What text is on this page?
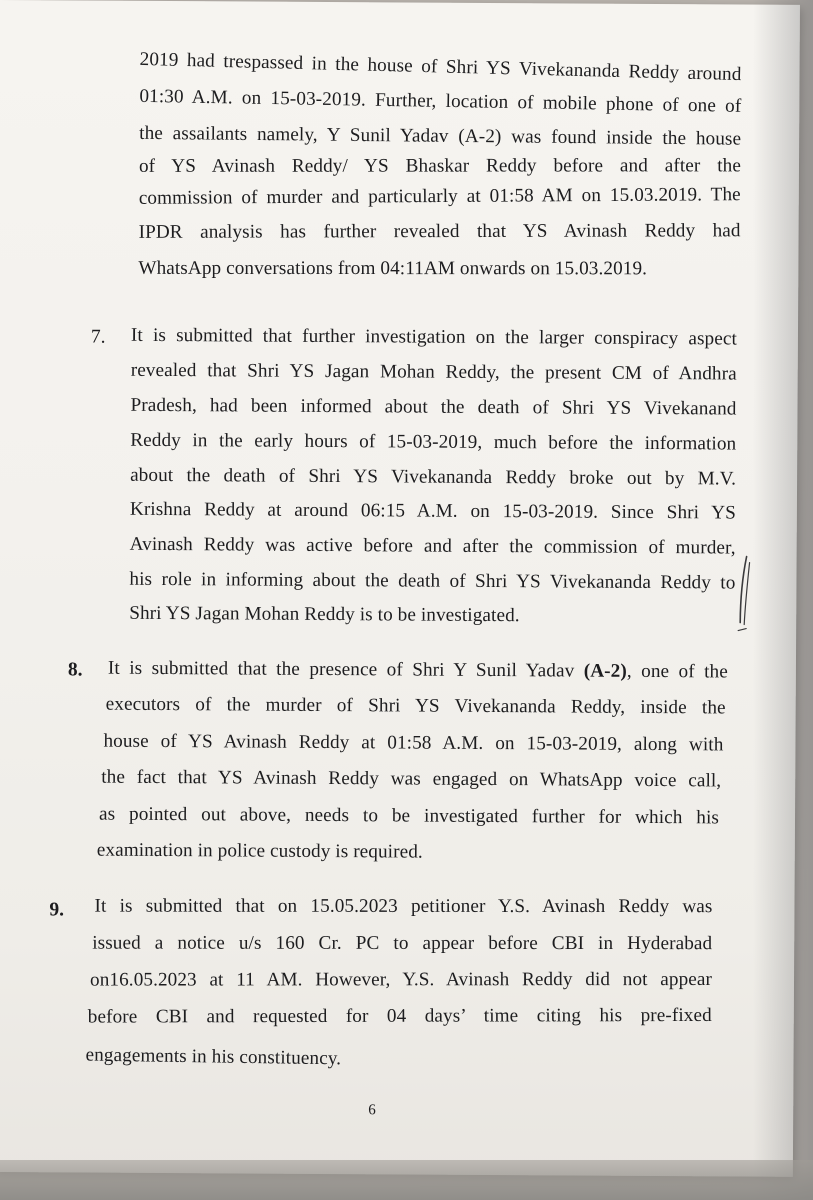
2019 had trespassed in the house of Shri YS Vivekananda Reddy around
01:30 A.M. on 15-03-2019. Further, location of mobile phone of one of
the assailants namely, Y Sunil Yadav (A-2) was found inside the house
of YS Avinash Reddy/ YS Bhaskar Reddy before and after the
commission of murder and particularly at 01:58 AM on 15.03.2019. The
IPDR analysis has further revealed that YS Avinash Reddy had
WhatsApp conversations from 04:11AM onwards on 15.03.2019.
7. It is submitted that further investigation on the larger conspiracy aspect
revealed that Shri YS Jagan Mohan Reddy, the present CM of Andhra
Pradesh, had been informed about the death of Shri YS Vivekanand
Reddy in the early hours of 15-03-2019, much before the information
about the death of Shri YS Vivekananda Reddy broke out by M.V.
Krishna Reddy at around 06:15 A.M. on 15-03-2019. Since Shri YS
Avinash Reddy was active before and after the commission of murder,
his role in informing about the death of Shri YS Vivekananda Reddy to
Shri YS Jagan Mohan Reddy is to be investigated.
8. It is submitted that the presence of Shri Y Sunil Yadav (A-2), one of the
executors of the murder of Shri YS Vivekananda Reddy, inside the
house of YS Avinash Reddy at 01:58 A.M. on 15-03-2019, along with
the fact that YS Avinash Reddy was engaged on WhatsApp voice call,
as pointed out above, needs to be investigated further for which his
examination in police custody is required.
9. It is submitted that on 15.05.2023 petitioner Y.S. Avinash Reddy was
issued a notice u/s 160 Cr. PC to appear before CBI in Hyderabad
on16.05.2023 at 11 AM. However, Y.S. Avinash Reddy did not appear
before CBI and requested for 04 days’ time citing his pre-fixed
engagements in his constituency.
6
